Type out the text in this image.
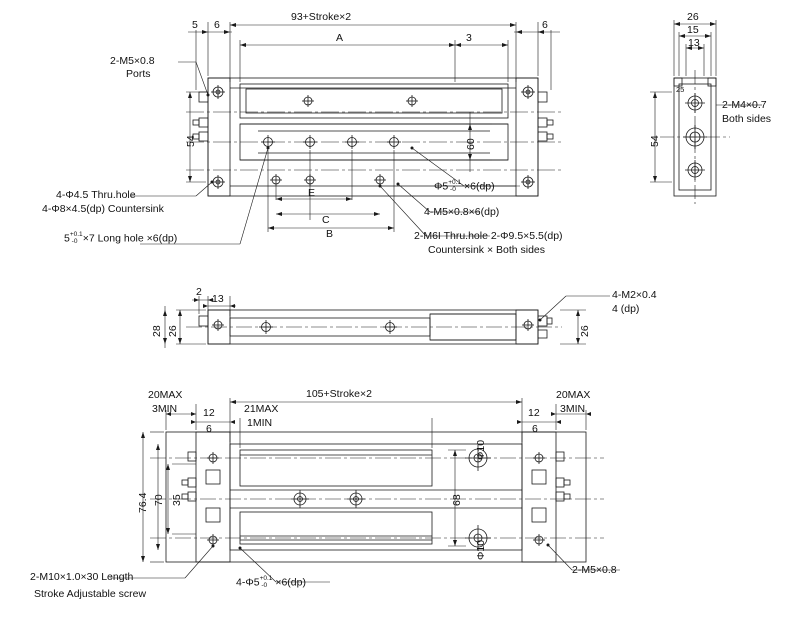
93+Stroke×2
A	3
5 6	6
54	60
B
C
E
2-M5×0.8
Ports
4-Φ4.5 Thru.hole
4-Φ8×4.5(dp) Countersink
5 +0.1
-0 ×7 Long hole ×6(dp)
Φ5 +0.1
-0 ×6(dp)
4-M5×0.8×6(dp)
2-M6I Thru.hole 2-Φ9.5×5.5(dp)
Countersink × Both sides
26
15
13
25
54
2-M4×0.7
Both sides
2
13
28 26	26
4-M2×0.4
4 (dp)
20MAX
3MIN
20MAX
3MIN
21MAX
1MIN
105+Stroke×2
12
6
12
6
76.4 70 35	68
Φ10
Φ10
2-M10×1.0×30 Length
Stroke Adjustable screw
4-Φ5 +0.1
-0 ×6(dp)
2-M5×0.8
